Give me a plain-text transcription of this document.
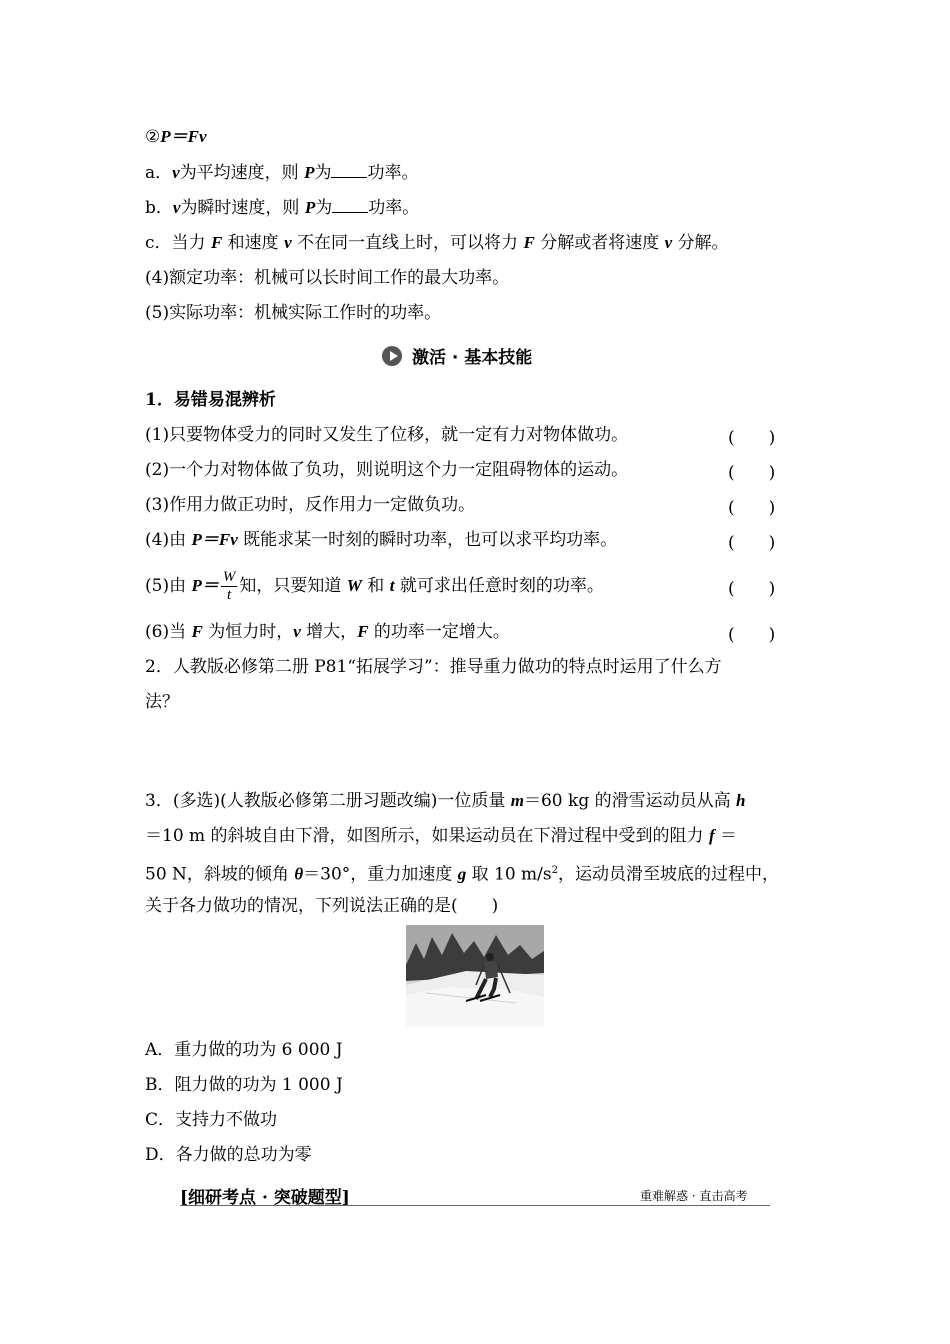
②P＝Fv
a．v为平均速度，则 P为 功率。
b．v为瞬时速度，则 P为 功率。
c．当力 F 和速度 v 不在同一直线上时，可以将力 F 分解或者将速度 v 分解。
(4)额定功率：机械可以长时间工作的最大功率。
(5)实际功率：机械实际工作时的功率。
激活 · 基本技能
1．易错易混辨析
(1)只要物体受力的同时又发生了位移，就一定有力对物体做功。	(　　)
(2)一个力对物体做了负功，则说明这个力一定阻碍物体的运动。	(　　)
(3)作用力做正功时，反作用力一定做负功。	(　　)
(4)由 P＝Fv 既能求某一时刻的瞬时功率，也可以求平均功率。	(　　)
(5)由 $P= \frac{W}{t}$ 知，只要知道 W 和 t 就可求出任意时刻的功率。	(　　)
(6)当 F 为恒力时，v 增大，F 的功率一定增大。	(　　)
2．人教版必修第二册 P81“拓展学习”：推导重力做功的特点时运用了什么方
法？
3．(多选)(人教版必修第二册习题改编)一位质量 m＝60 kg 的滑雪运动员从高 h
＝10 m 的斜坡自由下滑，如图所示，如果运动员在下滑过程中受到的阻力 f ＝
50 N，斜坡的倾角 θ＝30°，重力加速度 g 取 10 $m/s^2$，运动员滑至坡底的过程中，
关于各力做功的情况，下列说法正确的是(　　)
A．重力做的功为 6 000 J
B．阻力做的功为 1 000 J
C．支持力不做功
D．各力做的总功为零
[细研考点 · 突破题型]	重难解惑 · 直击高考
